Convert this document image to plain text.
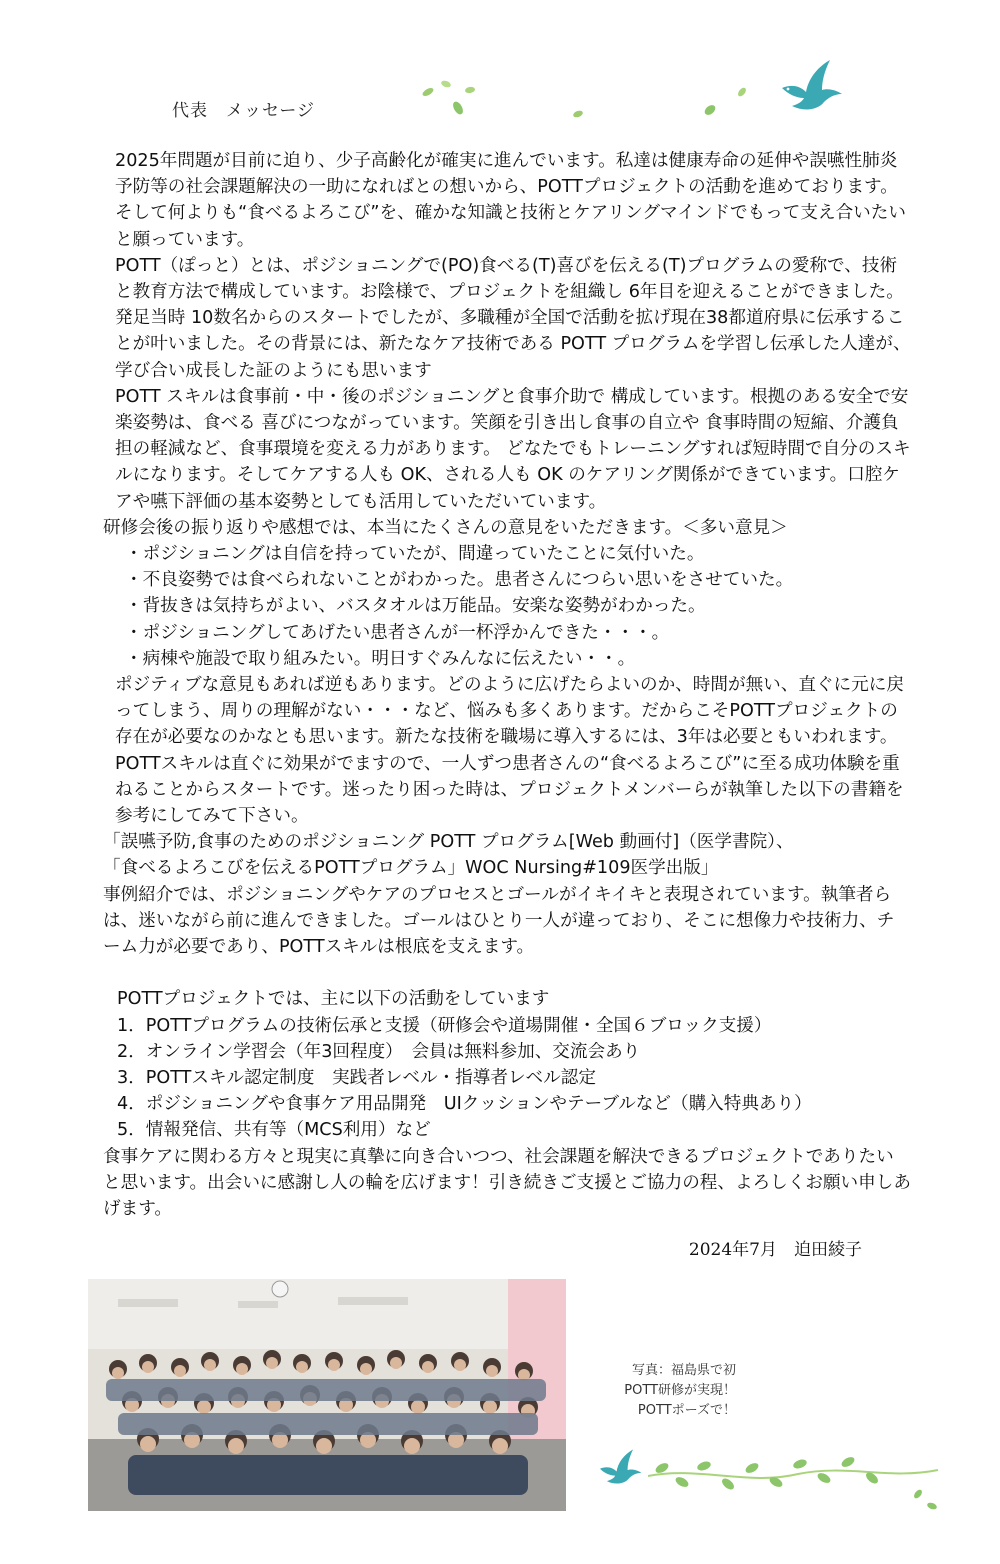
代表　メッセージ

2025年問題が目前に迫り、少子高齢化が確実に進んでいます。私達は健康寿命の延伸や誤嚥性肺炎予防等の社会課題解決の一助になればとの想いから、POTTプロジェクトの活動を進めております。そして何よりも“食べるよろこび”を、確かな知識と技術とケアリングマインドでもって支え合いたいと願っています。

POTT（ぽっと）とは、ポジショニングで(PO)食べる(T)喜びを伝える(T)プログラムの愛称で、技術と教育方法で構成しています。お陰様で、プロジェクトを組織し 6年目を迎えることができました。発足当時 10数名からのスタートでしたが、多職種が全国で活動を拡げ現在38都道府県に伝承することが叶いました。その背景には、新たなケア技術である POTT プログラムを学習し伝承した人達が、学び合い成長した証のようにも思います

POTT スキルは食事前・中・後のポジショニングと食事介助で 構成しています。根拠のある安全で安楽姿勢は、食べる 喜びにつながっています。笑顔を引き出し食事の自立や 食事時間の短縮、介護負担の軽減など、食事環境を変える力があります。 どなたでもトレーニングすれば短時間で自分のスキ ルになります。そしてケアする人も OK、される人も OK のケアリング関係ができています。口腔ケアや嚥下評価の基本姿勢としても活用していただいています。

研修会後の振り返りや感想では、本当にたくさんの意見をいただきます。＜多い意見＞

・ポジショニングは自信を持っていたが、間違っていたことに気付いた。

・不良姿勢では食べられないことがわかった。患者さんにつらい思いをさせていた。

・背抜きは気持ちがよい、バスタオルは万能品。安楽な姿勢がわかった。

・ポジショニングしてあげたい患者さんが一杯浮かんできた・・・。

・病棟や施設で取り組みたい。明日すぐみんなに伝えたい・・。

ポジティブな意見もあれば逆もあります。どのように広げたらよいのか、時間が無い、直ぐに元に戻ってしまう、周りの理解がない・・・など、悩みも多くあります。だからこそPOTTプロジェクトの存在が必要なのかなとも思います。新たな技術を職場に導入するには、3年は必要ともいわれます。POTTスキルは直ぐに効果がでますので、一人ずつ患者さんの“食べるよろこび”に至る成功体験を重ねることからスタートです。迷ったり困った時は、プロジェクトメンバーらが執筆した以下の書籍を参考にしてみて下さい。

「誤嚥予防,食事のためのポジショニング POTT プログラム[Web 動画付]（医学書院）、

「食べるよろこびを伝えるPOTTプログラム」WOC Nursing#109医学出版」

事例紹介では、ポジショニングやケアのプロセスとゴールがイキイキと表現されています。執筆者らは、迷いながら前に進んできました。ゴールはひとり一人が違っており、そこに想像力や技術力、チーム力が必要であり、POTTスキルは根底を支えます。

POTTプロジェクトでは、主に以下の活動をしています

1．POTTプログラムの技術伝承と支援（研修会や道場開催・全国６ブロック支援）

2．オンライン学習会（年3回程度）　会員は無料参加、交流会あり

3．POTTスキル認定制度　実践者レベル・指導者レベル認定

4．ポジショニングや食事ケア用品開発　UIクッションやテーブルなど（購入特典あり）

5．情報発信、共有等（MCS利用）など

食事ケアに関わる方々と現実に真摯に向き合いつつ、社会課題を解決できるプロジェクトでありたいと思います。出会いに感謝し人の輪を広げます！引き続きご支援とご協力の程、よろしくお願い申しあげます。

2024年7月　迫田綾子
写真：福島県で初
POTT研修が実現！
POTTポーズで！
